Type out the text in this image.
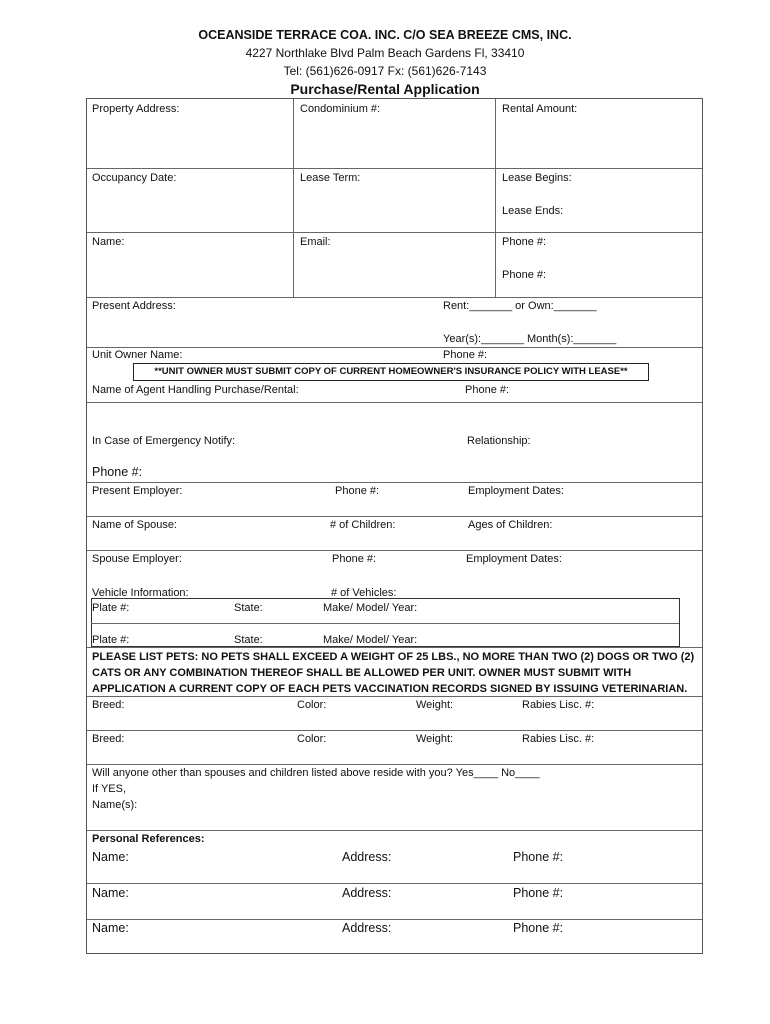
OCEANSIDE TERRACE COA. INC. C/O SEA BREEZE CMS, INC.
4227 Northlake Blvd Palm Beach Gardens Fl, 33410
Tel: (561)626-0917 Fx: (561)626-7143
Purchase/Rental Application
Property Address:	Condominium #:	Rental Amount:
Occupancy Date:	Lease Term:	Lease Begins:
Lease Ends:
Name:	Email:	Phone #:
Phone #:
Present Address:	Rent:_______ or Own:_______
Year(s):_______ Month(s):_______
Unit Owner Name:	Phone #:
**UNIT OWNER MUST SUBMIT COPY OF CURRENT HOMEOWNER'S INSURANCE POLICY WITH LEASE**
Name of Agent Handling Purchase/Rental:	Phone #:
In Case of Emergency Notify:	Relationship:
Phone #:
Present Employer:	Phone #:	Employment Dates:
Name of Spouse:	# of Children:	Ages of Children:
Spouse Employer:	Phone #:	Employment Dates:
Vehicle Information:	# of Vehicles:
Plate #:	State:	Make/ Model/ Year:
Plate #:	State:	Make/ Model/ Year:
PLEASE LIST PETS: NO PETS SHALL EXCEED A WEIGHT OF 25 LBS., NO MORE THAN TWO (2) DOGS OR TWO (2) CATS OR ANY COMBINATION THEREOF SHALL BE ALLOWED PER UNIT. OWNER MUST SUBMIT WITH APPLICATION A CURRENT COPY OF EACH PETS VACCINATION RECORDS SIGNED BY ISSUING VETERINARIAN.
Breed:	Color:	Weight:	Rabies Lisc. #:
Breed:	Color:	Weight:	Rabies Lisc. #:
Will anyone other than spouses and children listed above reside with you? Yes____ No____
If YES,
Name(s):
Personal References:
Name:	Address:	Phone #:
Name:	Address:	Phone #:
Name:	Address:	Phone #:
